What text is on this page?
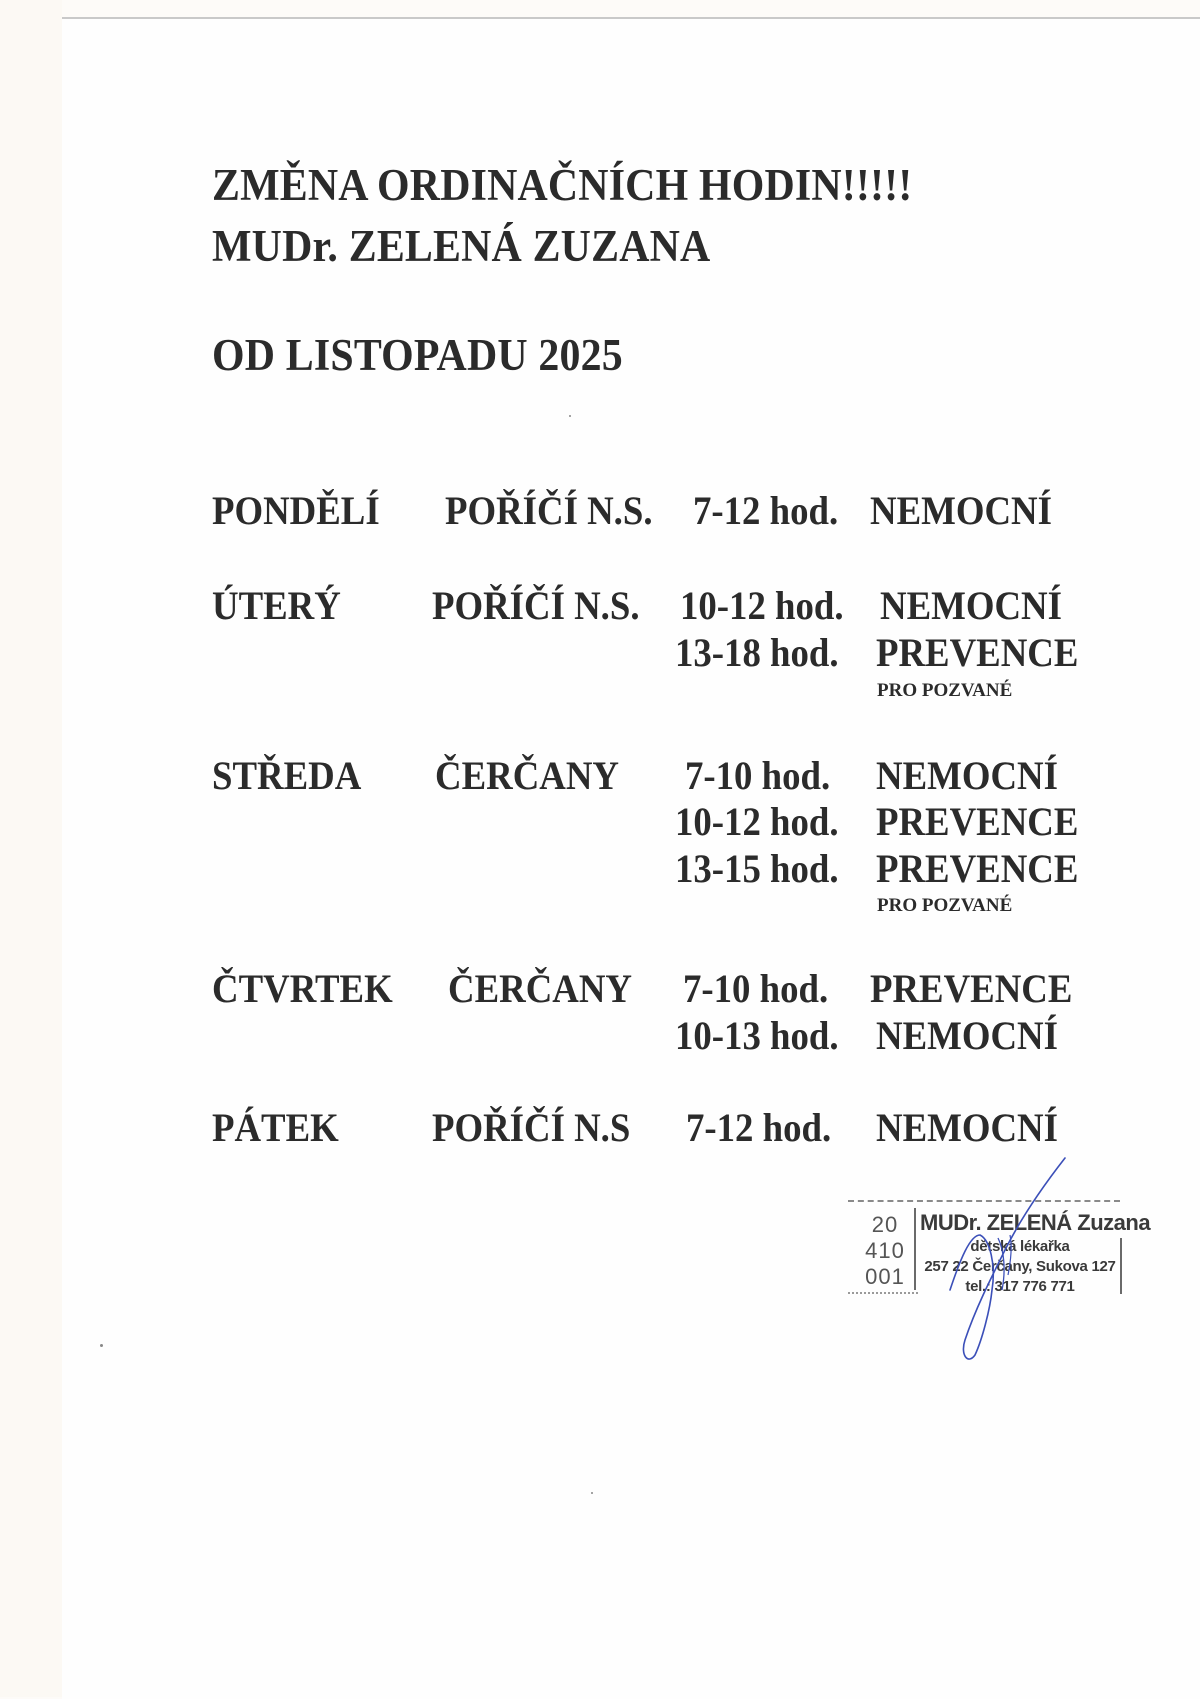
ZMĚNA ORDINAČNÍCH HODIN!!!!!
MUDr. ZELENÁ ZUZANA
OD LISTOPADU 2025
PONDĚLÍ POŘÍČÍ N.S. 7-12 hod. NEMOCNÍ
ÚTERÝ POŘÍČÍ N.S. 10-12 hod. NEMOCNÍ
13-18 hod. PREVENCE
PRO POZVANÉ
STŘEDA ČERČANY 7-10 hod. NEMOCNÍ
10-12 hod. PREVENCE
13-15 hod. PREVENCE
PRO POZVANÉ
ČTVRTEK ČERČANY 7-10 hod. PREVENCE
10-13 hod. NEMOCNÍ
PÁTEK POŘÍČÍ N.S 7-12 hod. NEMOCNÍ
20
410
001
MUDr. ZELENÁ Zuzana
dětská lékařka
257 22 Čerčany, Sukova 127
tel.: 317 776 771
